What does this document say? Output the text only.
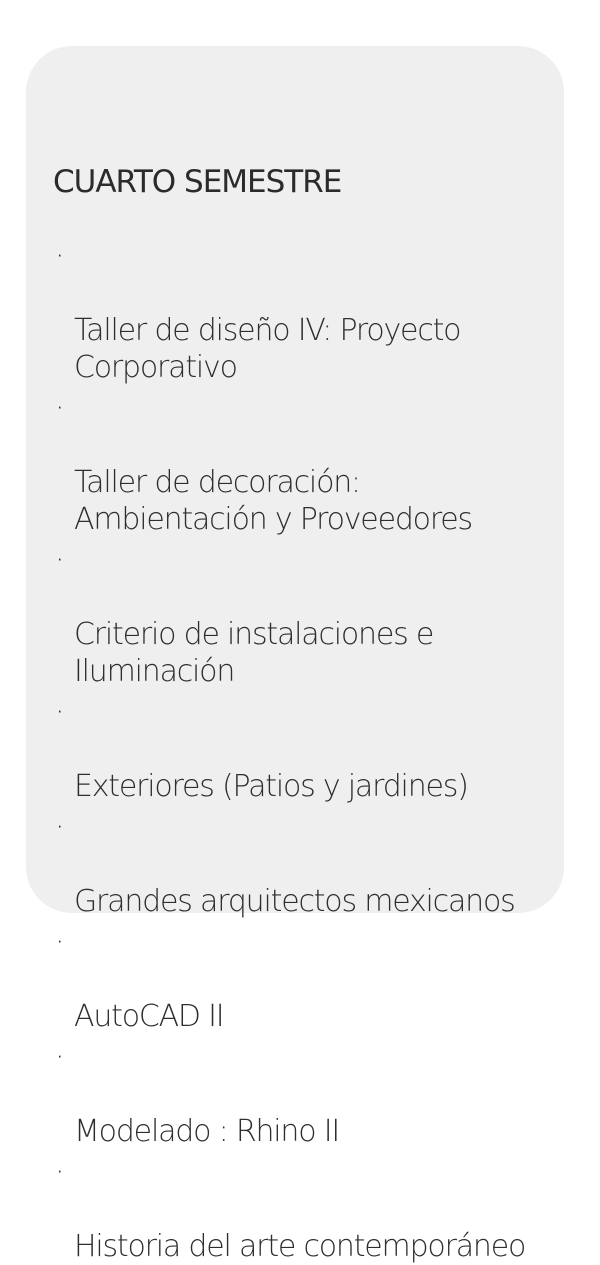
CUARTO SEMESTRE

·

Taller de diseño IV: Proyecto
Corporativo

·

Taller de decoración:
Ambientación y Proveedores

·

Criterio de instalaciones e
Iluminación

·

Exteriores (Patios y jardines)

·

Grandes arquitectos mexicanos

·

AutoCAD II

·

Modelado : Rhino II

·

Historia del arte contemporáneo
